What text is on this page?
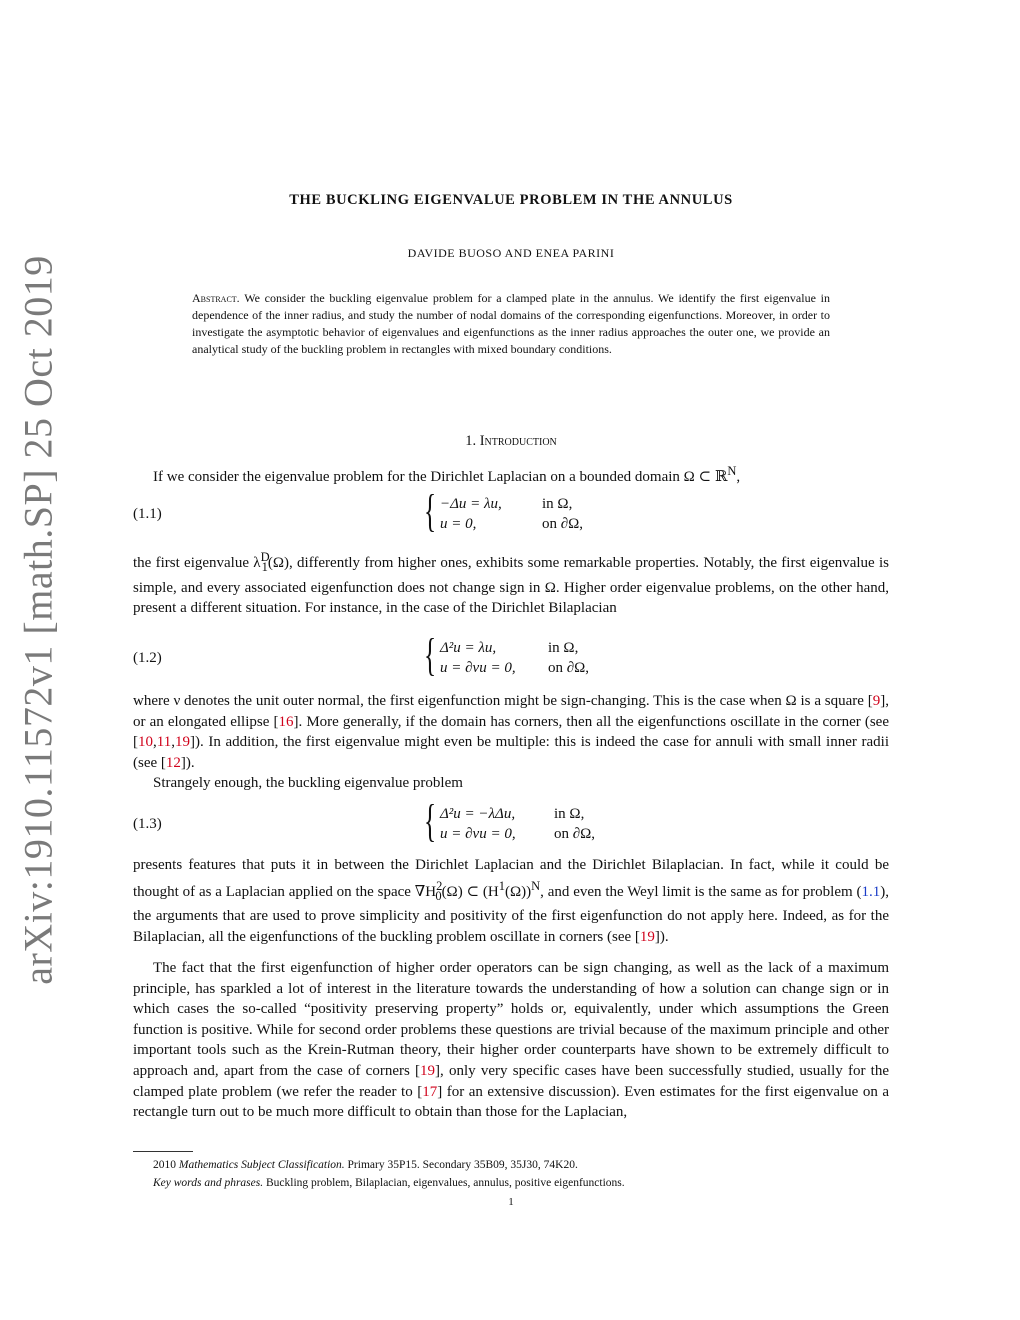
arXiv:1910.11572v1 [math.SP] 25 Oct 2019
THE BUCKLING EIGENVALUE PROBLEM IN THE ANNULUS
DAVIDE BUOSO AND ENEA PARINI
Abstract. We consider the buckling eigenvalue problem for a clamped plate in the annulus. We identify the first eigenvalue in dependence of the inner radius, and study the number of nodal domains of the corresponding eigenfunctions. Moreover, in order to investigate the asymptotic behavior of eigenvalues and eigenfunctions as the inner radius approaches the outer one, we provide an analytical study of the buckling problem in rectangles with mixed boundary conditions.
1. Introduction
If we consider the eigenvalue problem for the Dirichlet Laplacian on a bounded domain Ω ⊂ ℝ$^N$,
(1.1)	{ −Δu = λu,	in Ω,
u = 0,	on ∂Ω,
the first eigenvalue $\lambda^D_1(\Omega)$, differently from higher ones, exhibits some remarkable properties. Notably, the first eigenvalue is simple, and every associated eigenfunction does not change sign in Ω. Higher order eigenvalue problems, on the other hand, present a different situation. For instance, in the case of the Dirichlet Bilaplacian
(1.2)	{ Δ²u = λu,	in Ω,
u = ∂νu = 0, on ∂Ω,
where ν denotes the unit outer normal, the first eigenfunction might be sign-changing. This is the case when Ω is a square [9], or an elongated ellipse [16]. More generally, if the domain has corners, then all the eigenfunctions oscillate in the corner (see [10,11,19]). In addition, the first eigenvalue might even be multiple: this is indeed the case for annuli with small inner radii (see [12]).
Strangely enough, the buckling eigenvalue problem
(1.3)	{ Δ²u = −λΔu,	in Ω,
u = ∂νu = 0,	on ∂Ω,
presents features that puts it in between the Dirichlet Laplacian and the Dirichlet Bilaplacian. In fact, while it could be thought of as a Laplacian applied on the space $\nabla H^2_0(\Omega)$ ⊂ $(H^1(\Omega))^N$, and even the Weyl limit is the same as for problem (1.1), the arguments that are used to prove simplicity and positivity of the first eigenfunction do not apply here. Indeed, as for the Bilaplacian, all the eigenfunctions of the buckling problem oscillate in corners (see [19]).
The fact that the first eigenfunction of higher order operators can be sign changing, as well as the lack of a maximum principle, has sparkled a lot of interest in the literature towards the understanding of how a solution can change sign or in which cases the so-called “positivity preserving property” holds or, equivalently, under which assumptions the Green function is positive. While for second order problems these questions are trivial because of the maximum principle and other important tools such as the Krein-Rutman theory, their higher order counterparts have shown to be extremely difficult to approach and, apart from the case of corners [19], only very specific cases have been successfully studied, usually for the clamped plate problem (we refer the reader to [17] for an extensive discussion). Even estimates for the first eigenvalue on a rectangle turn out to be much more difficult to obtain than those for the Laplacian,
2010 Mathematics Subject Classification. Primary 35P15. Secondary 35B09, 35J30, 74K20.
Key words and phrases. Buckling problem, Bilaplacian, eigenvalues, annulus, positive eigenfunctions.
1
